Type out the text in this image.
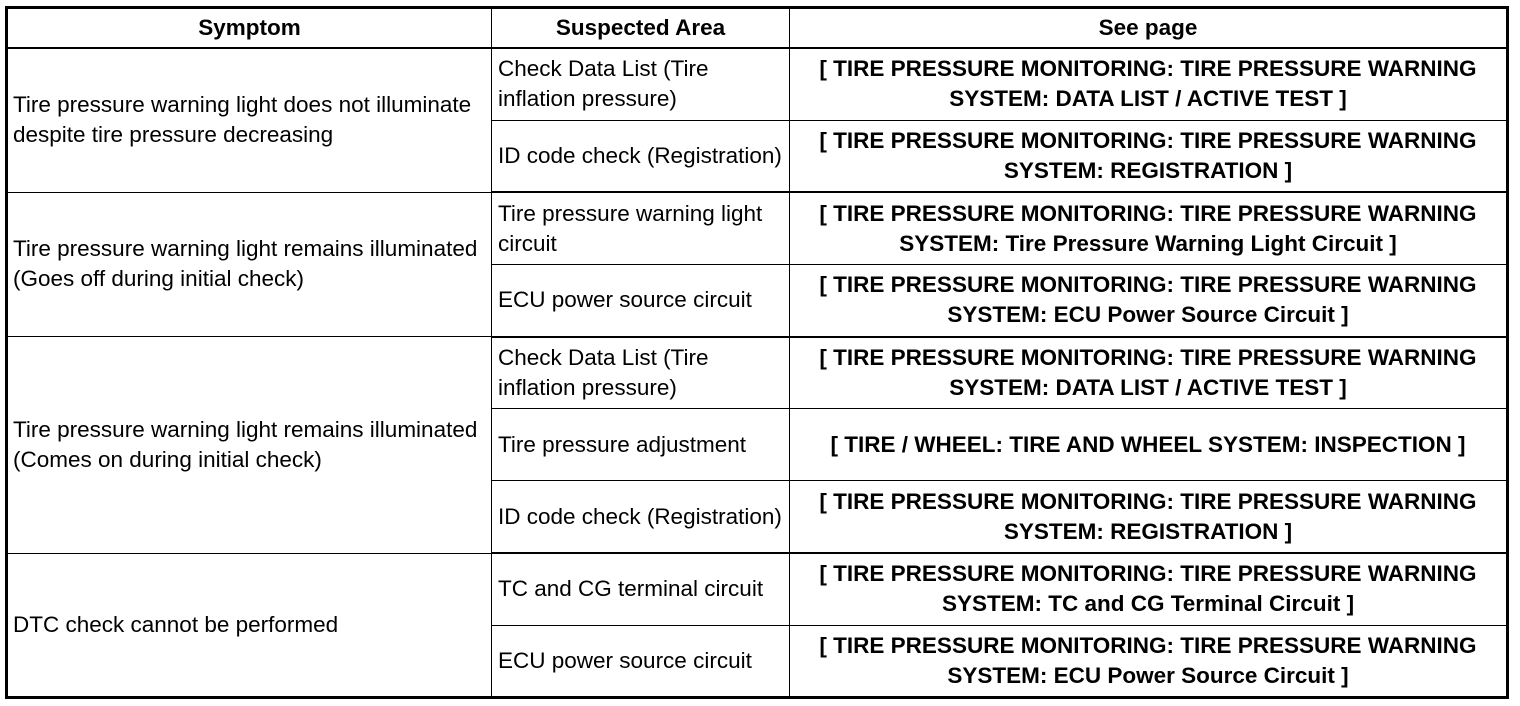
Symptom	Suspected Area	See page
Tire pressure warning light does not illuminate despite tire pressure decreasing	Check Data List (Tire inflation pressure)	[ TIRE PRESSURE MONITORING: TIRE PRESSURE WARNING SYSTEM: DATA LIST / ACTIVE TEST ]
	ID code check (Registration)	[ TIRE PRESSURE MONITORING: TIRE PRESSURE WARNING SYSTEM: REGISTRATION ]
Tire pressure warning light remains illuminated (Goes off during initial check)	Tire pressure warning light circuit	[ TIRE PRESSURE MONITORING: TIRE PRESSURE WARNING SYSTEM: Tire Pressure Warning Light Circuit ]
	ECU power source circuit	[ TIRE PRESSURE MONITORING: TIRE PRESSURE WARNING SYSTEM: ECU Power Source Circuit ]
Tire pressure warning light remains illuminated (Comes on during initial check)	Check Data List (Tire inflation pressure)	[ TIRE PRESSURE MONITORING: TIRE PRESSURE WARNING SYSTEM: DATA LIST / ACTIVE TEST ]
	Tire pressure adjustment	[ TIRE / WHEEL: TIRE AND WHEEL SYSTEM: INSPECTION ]
	ID code check (Registration)	[ TIRE PRESSURE MONITORING: TIRE PRESSURE WARNING SYSTEM: REGISTRATION ]
DTC check cannot be performed	TC and CG terminal circuit	[ TIRE PRESSURE MONITORING: TIRE PRESSURE WARNING SYSTEM: TC and CG Terminal Circuit ]
	ECU power source circuit	[ TIRE PRESSURE MONITORING: TIRE PRESSURE WARNING SYSTEM: ECU Power Source Circuit ]
